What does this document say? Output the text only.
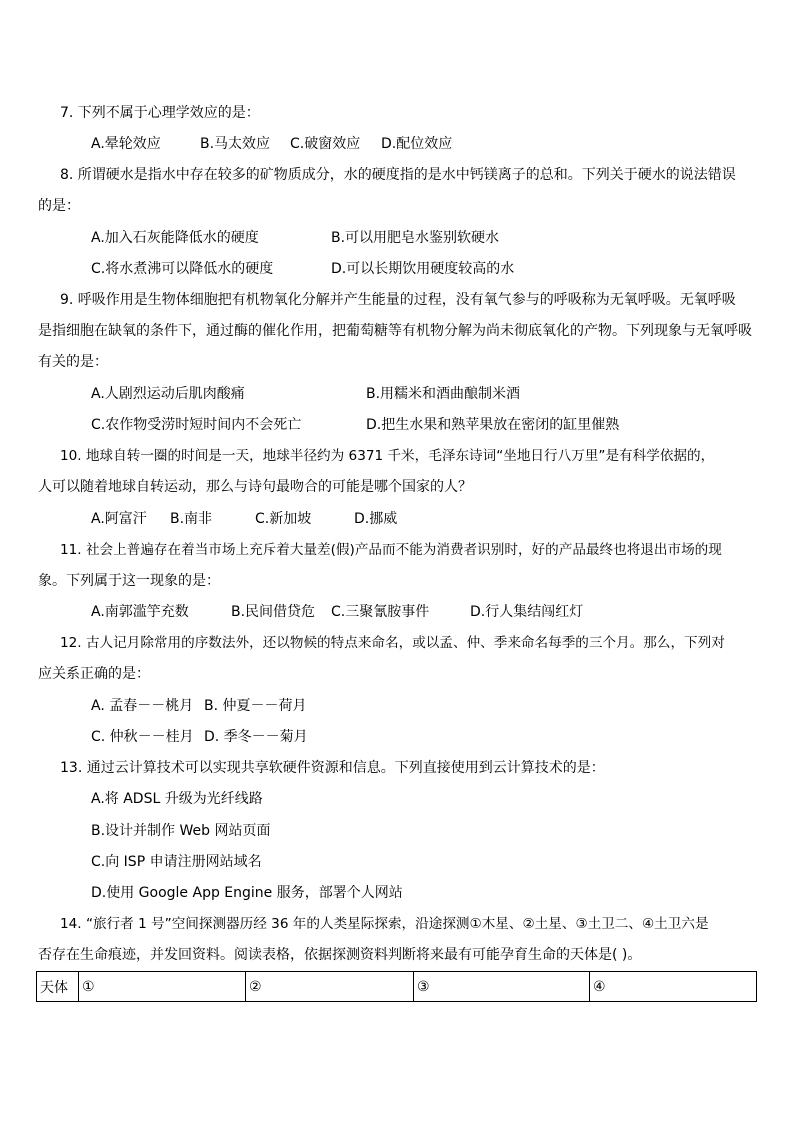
7. 下列不属于心理学效应的是：
A.晕轮效应	B.马太效应 C.破窗效应 D.配位效应
8. 所谓硬水是指水中存在较多的矿物质成分，水的硬度指的是水中钙镁离子的总和。下列关于硬水的说法错误
的是：
A.加入石灰能降低水的硬度	B.可以用肥皂水鉴别软硬水
C.将水煮沸可以降低水的硬度	D.可以长期饮用硬度较高的水
9. 呼吸作用是生物体细胞把有机物氧化分解并产生能量的过程，没有氧气参与的呼吸称为无氧呼吸。无氧呼吸
是指细胞在缺氧的条件下，通过酶的催化作用，把葡萄糖等有机物分解为尚未彻底氧化的产物。下列现象与无氧呼吸
有关的是：
A.人剧烈运动后肌肉酸痛	B.用糯米和酒曲酿制米酒
C.农作物受涝时短时间内不会死亡	D.把生水果和熟苹果放在密闭的缸里催熟
10. 地球自转一圈的时间是一天，地球半径约为 6371 千米，毛泽东诗词“坐地日行八万里”是有科学依据的，
人可以随着地球自转运动，那么与诗句最吻合的可能是哪个国家的人？
A.阿富汗 B.南非	C.新加坡	D.挪威
11. 社会上普遍存在着当市场上充斥着大量差(假)产品而不能为消费者识别时，好的产品最终也将退出市场的现
象。下列属于这一现象的是：
A.南郭滥竽充数	B.民间借贷危 C.三聚氰胺事件	D.行人集结闯红灯
12. 古人记月除常用的序数法外，还以物候的特点来命名，或以孟、仲、季来命名每季的三个月。那么，下列对
应关系正确的是：
A. 孟春－－桃月 B. 仲夏－－荷月
C. 仲秋－－桂月 D. 季冬－－菊月
13. 通过云计算技术可以实现共享软硬件资源和信息。下列直接使用到云计算技术的是：
A.将 ADSL 升级为光纤线路
B.设计并制作 Web 网站页面
C.向 ISP 申请注册网站域名
D.使用 Google App Engine 服务，部署个人网站
14. “旅行者 1 号”空间探测器历经 36 年的人类星际探索，沿途探测①木星、②土星、③土卫二、④土卫六是
否存在生命痕迹，并发回资料。阅读表格，依据探测资料判断将来最有可能孕育生命的天体是( )。
天体	①	②	③	④
